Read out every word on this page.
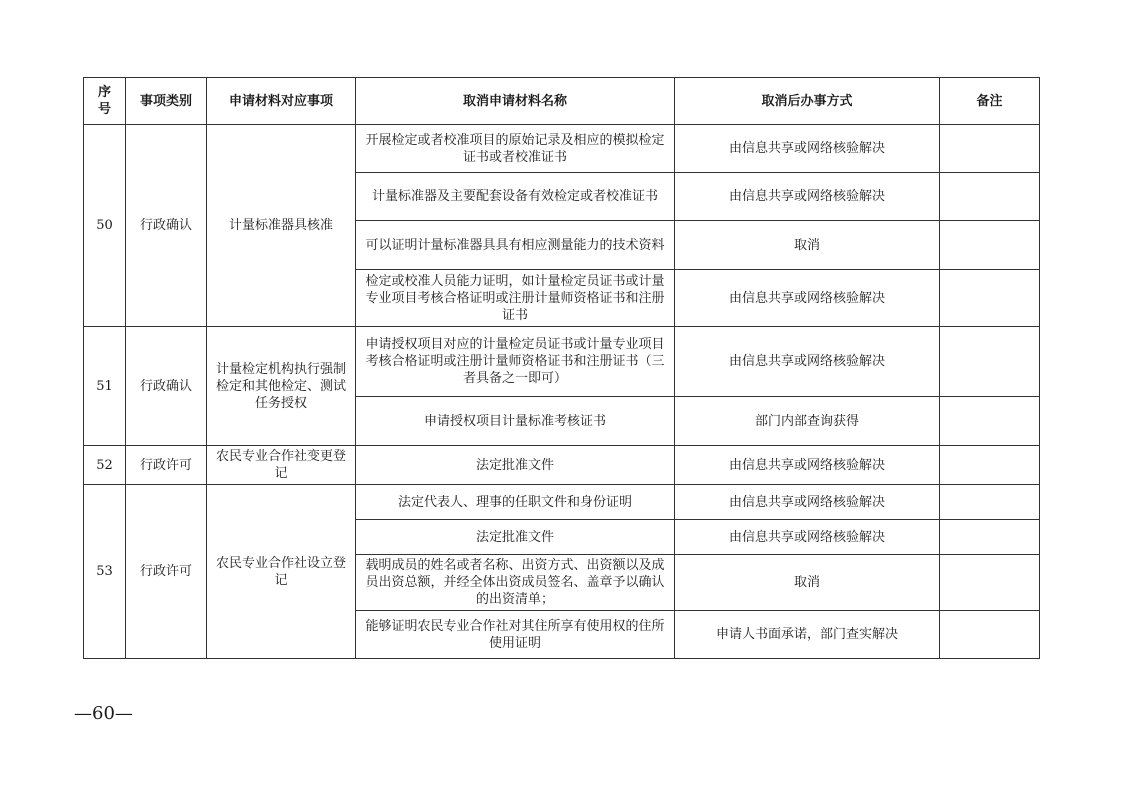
序
号	事项类别	申请材料对应事项	取消申请材料名称	取消后办事方式	备注
50	行政确认	计量标准器具核准	开展检定或者校准项目的原始记录及相应的模拟检定证书或者校准证书	由信息共享或网络核验解决	
			计量标准器及主要配套设备有效检定或者校准证书	由信息共享或网络核验解决	
			可以证明计量标准器具具有相应测量能力的技术资料	取消	
			检定或校准人员能力证明，如计量检定员证书或计量专业项目考核合格证明或注册计量师资格证书和注册证书	由信息共享或网络核验解决	
51	行政确认	计量检定机构执行强制检定和其他检定、测试任务授权	申请授权项目对应的计量检定员证书或计量专业项目考核合格证明或注册计量师资格证书和注册证书（三者具备之一即可）	由信息共享或网络核验解决	
			申请授权项目计量标准考核证书	部门内部查询获得	
52	行政许可	农民专业合作社变更登记	法定批准文件	由信息共享或网络核验解决	
53	行政许可	农民专业合作社设立登记	法定代表人、理事的任职文件和身份证明	由信息共享或网络核验解决	
			法定批准文件	由信息共享或网络核验解决	
			载明成员的姓名或者名称、出资方式、出资额以及成员出资总额，并经全体出资成员签名、盖章予以确认的出资清单；	取消	
			能够证明农民专业合作社对其住所享有使用权的住所使用证明	申请人书面承诺，部门查实解决	
—60—
